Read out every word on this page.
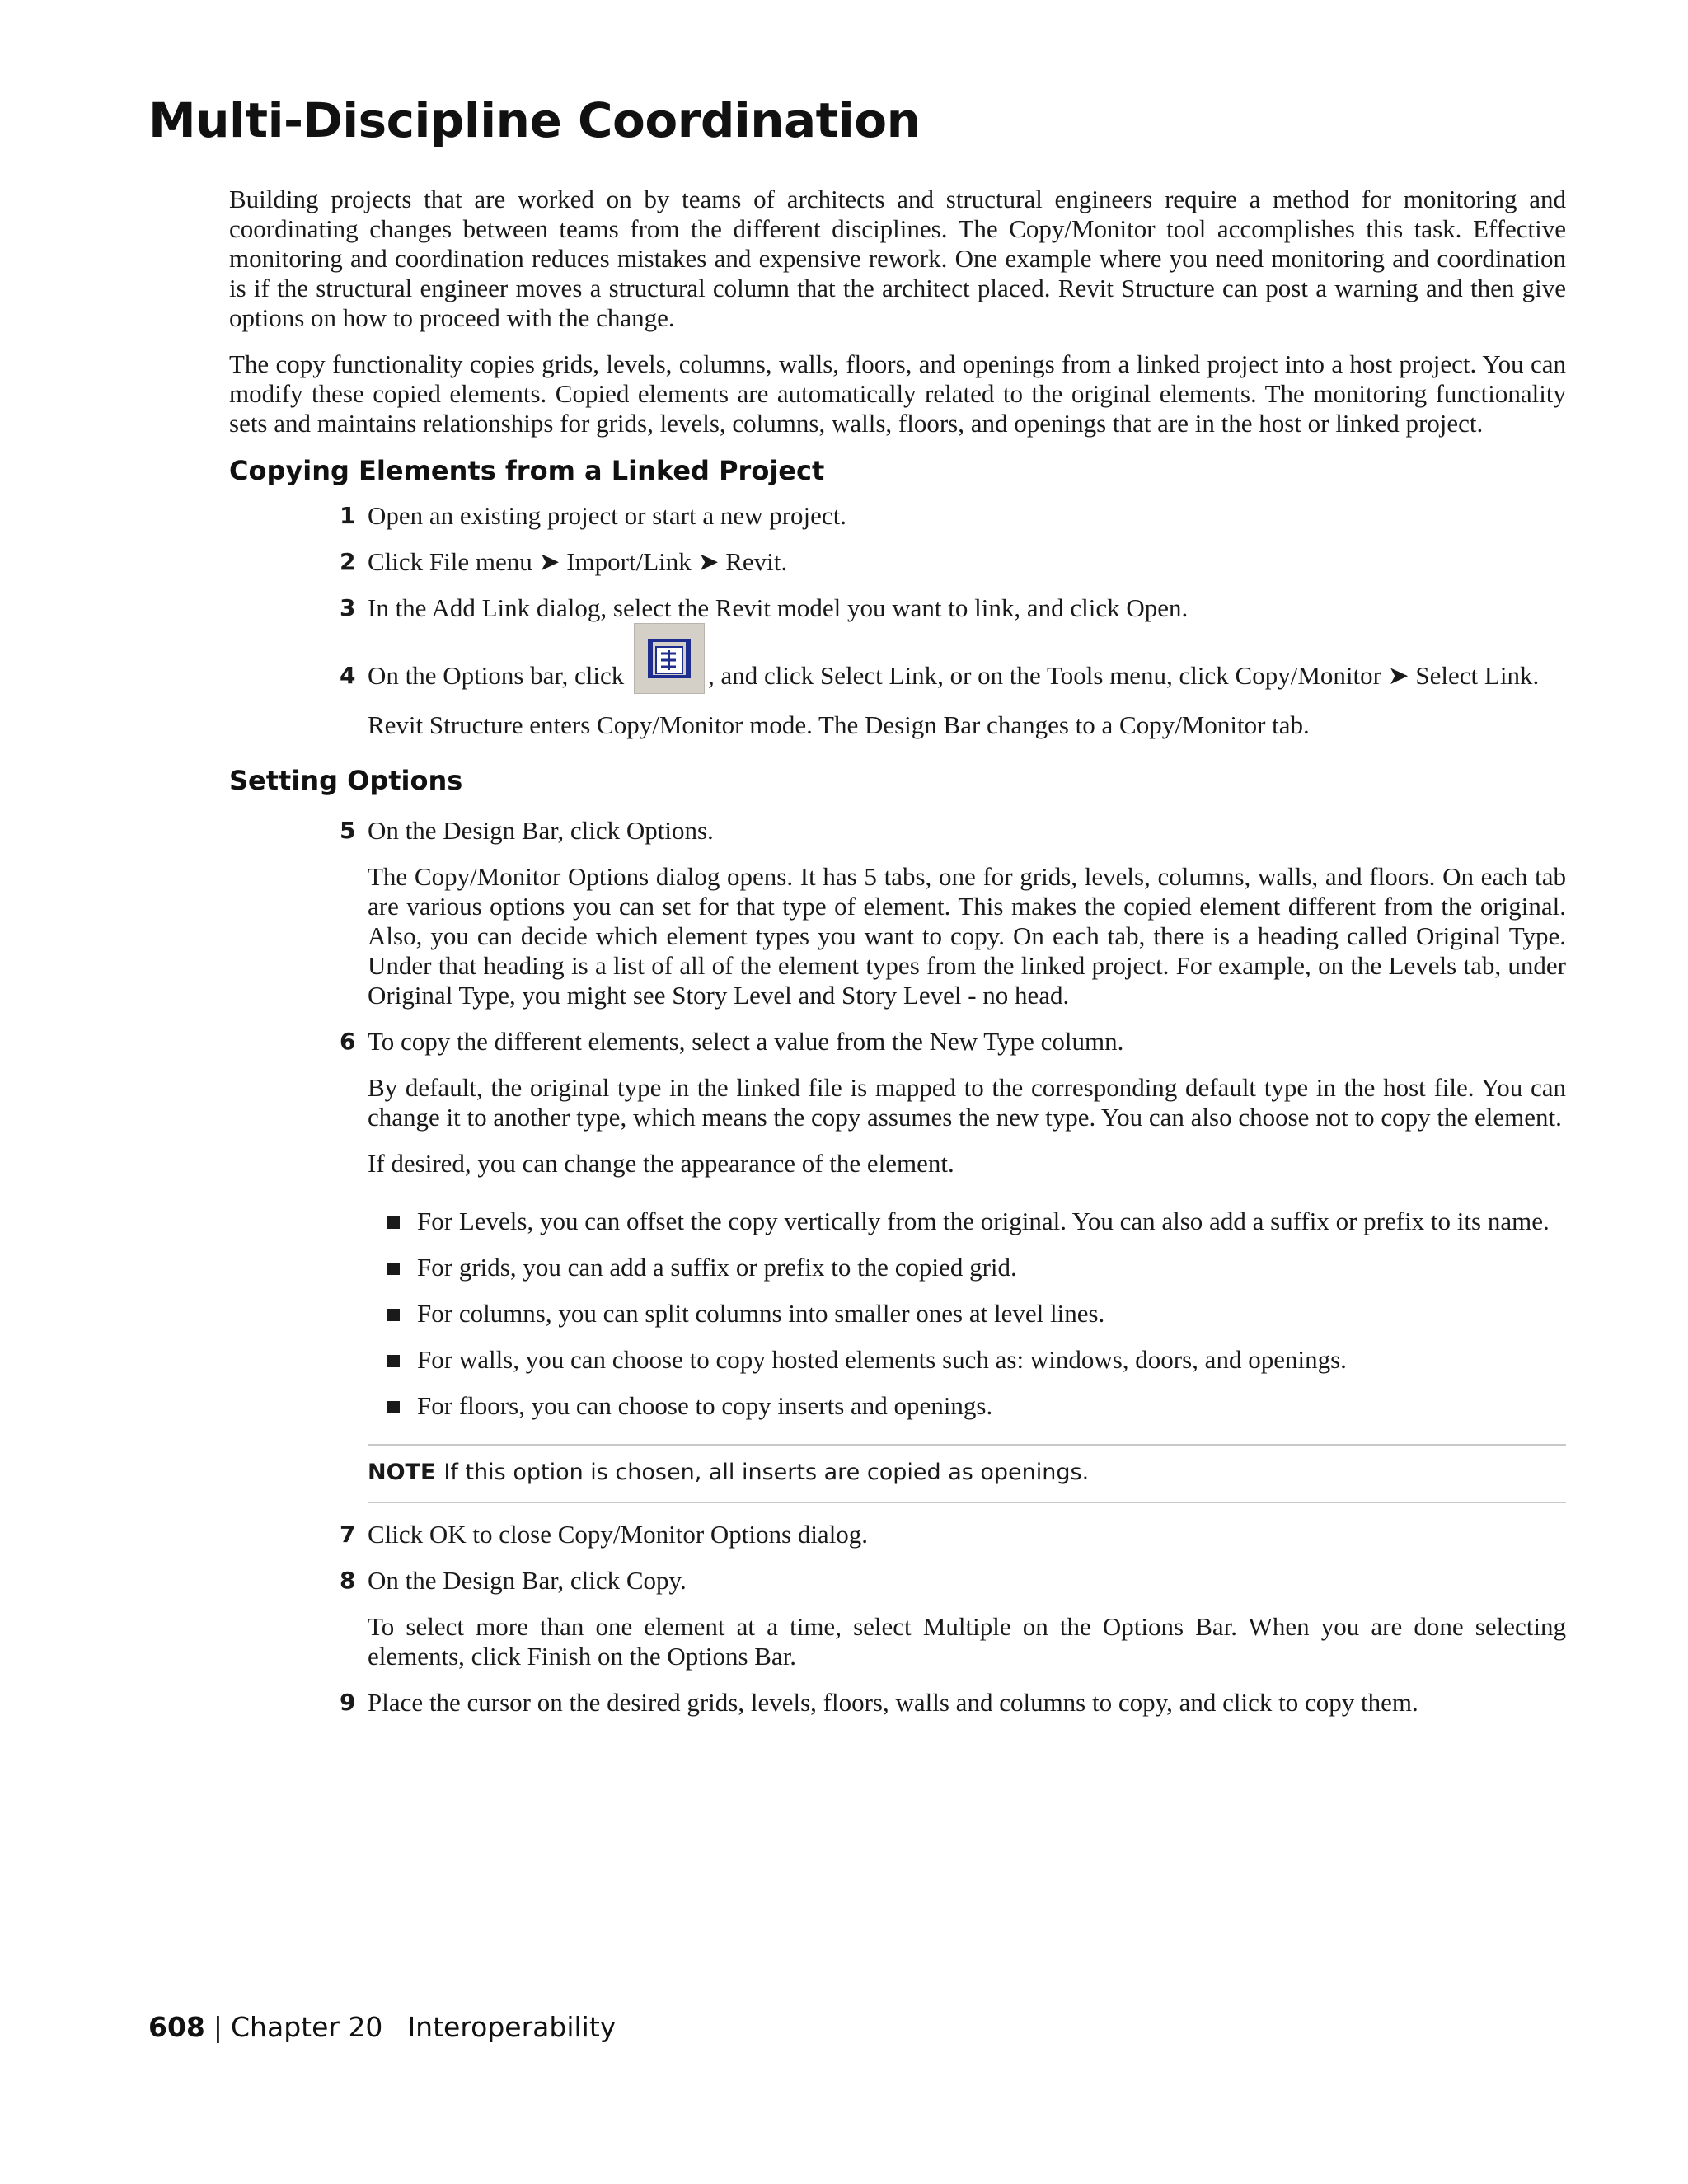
Multi-Discipline Coordination

Building projects that are worked on by teams of architects and structural engineers require a method for monitoring and coordinating changes between teams from the different disciplines. The Copy/Monitor tool accomplishes this task. Effective monitoring and coordination reduces mistakes and expensive rework. One example where you need monitoring and coordination is if the structural engineer moves a structural column that the architect placed. Revit Structure can post a warning and then give options on how to proceed with the change.

The copy functionality copies grids, levels, columns, walls, floors, and openings from a linked project into a host project. You can modify these copied elements. Copied elements are automatically related to the original elements. The monitoring functionality sets and maintains relationships for grids, levels, columns, walls, floors, and openings that are in the host or linked project.

Copying Elements from a Linked Project
1 Open an existing project or start a new project.

2 Click File menu ➤ Import/Link ➤ Revit.

3 In the Add Link dialog, select the Revit model you want to link, and click Open.

4 On the Options bar, click	, and click Select Link, or on the Tools menu, click Copy/Monitor ➤ Select Link.

Revit Structure enters Copy/Monitor mode. The Design Bar changes to a Copy/Monitor tab.

Setting Options
5 On the Design Bar, click Options.

The Copy/Monitor Options dialog opens. It has 5 tabs, one for grids, levels, columns, walls, and floors. On each tab are various options you can set for that type of element. This makes the copied element different from the original. Also, you can decide which element types you want to copy. On each tab, there is a heading called Original Type. Under that heading is a list of all of the element types from the linked project. For example, on the Levels tab, under Original Type, you might see Story Level and Story Level - no head.

6 To copy the different elements, select a value from the New Type column.

By default, the original type in the linked file is mapped to the corresponding default type in the host file. You can change it to another type, which means the copy assumes the new type. You can also choose not to copy the element.

If desired, you can change the appearance of the element.

For Levels, you can offset the copy vertically from the original. You can also add a suffix or prefix to its name.
For grids, you can add a suffix or prefix to the copied grid.
For columns, you can split columns into smaller ones at level lines.
For walls, you can choose to copy hosted elements such as: windows, doors, and openings.
For floors, you can choose to copy inserts and openings.
NOTE If this option is chosen, all inserts are copied as openings.
7 Click OK to close Copy/Monitor Options dialog.

8 On the Design Bar, click Copy.

To select more than one element at a time, select Multiple on the Options Bar. When you are done selecting elements, click Finish on the Options Bar.

9 Place the cursor on the desired grids, levels, floors, walls and columns to copy, and click to copy them.

608 | Chapter 20 Interoperability
